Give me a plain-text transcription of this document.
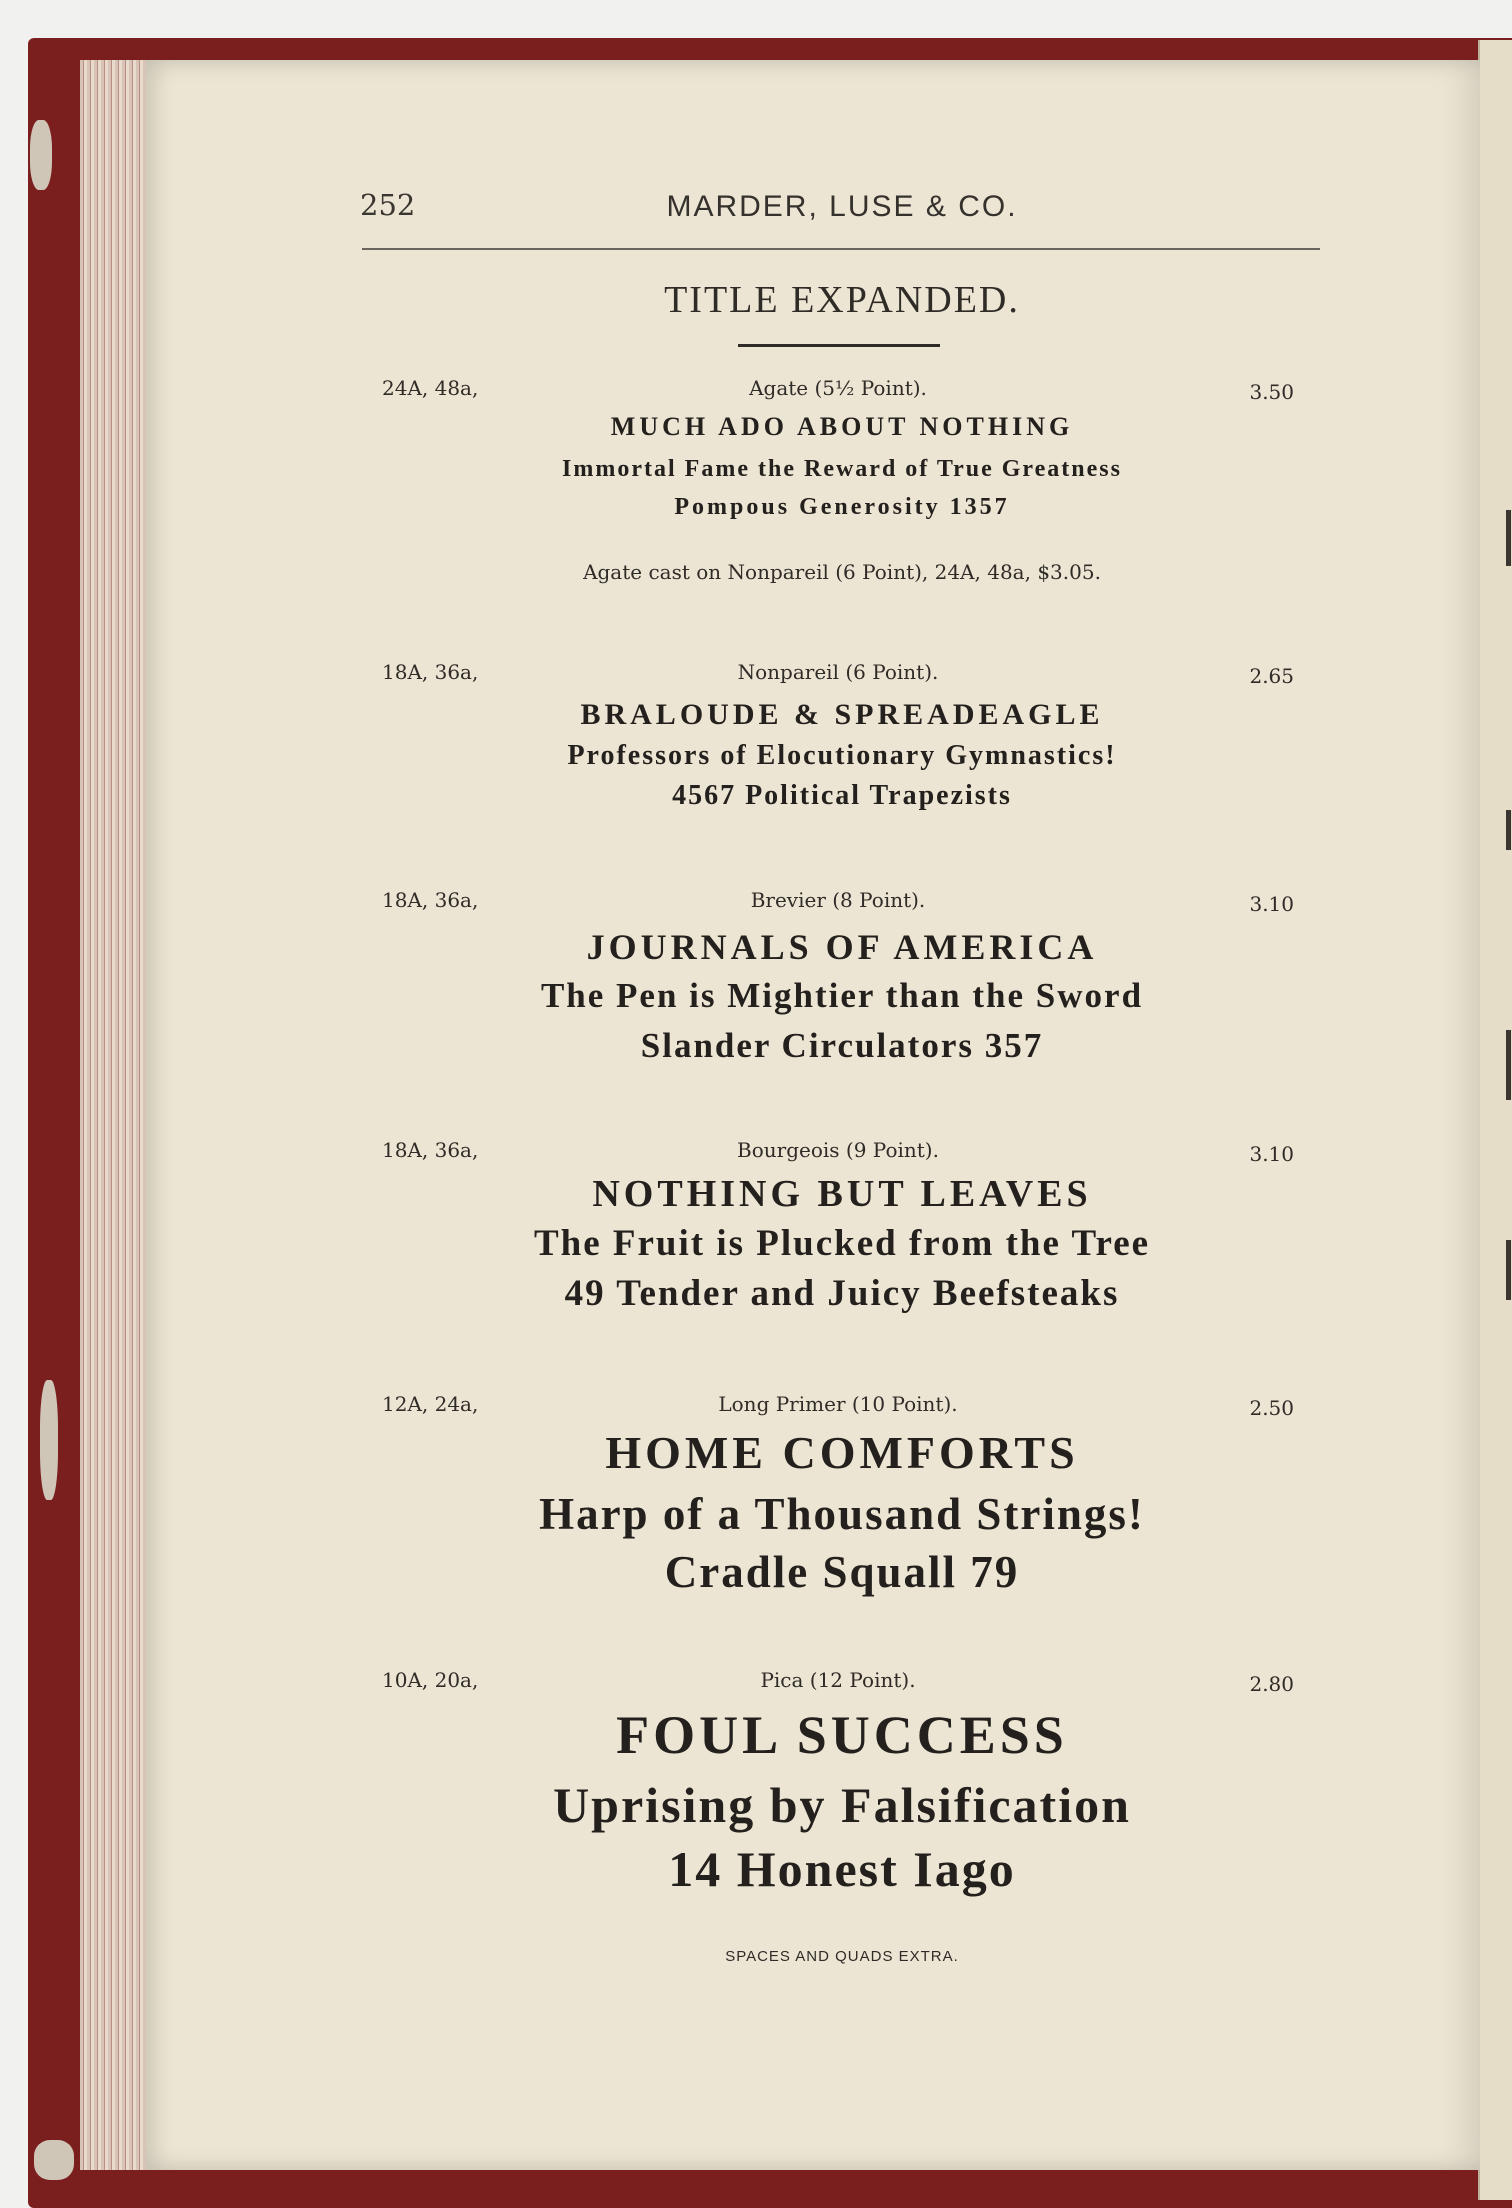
252	MARDER, LUSE & CO.
TITLE EXPANDED.
24A, 48a,	Agate (5½ Point).	3.50
MUCH ADO ABOUT NOTHING
Immortal Fame the Reward of True Greatness
Pompous Generosity 1357
Agate cast on Nonpareil (6 Point), 24A, 48a, $3.05.
18A, 36a,	Nonpareil (6 Point).	2.65
BRALOUDE & SPREADEAGLE
Professors of Elocutionary Gymnastics!
4567 Political Trapezists
18A, 36a,	Brevier (8 Point).	3.10
JOURNALS OF AMERICA
The Pen is Mightier than the Sword
Slander Circulators 357
18A, 36a,	Bourgeois (9 Point).	3.10
NOTHING BUT LEAVES
The Fruit is Plucked from the Tree
49 Tender and Juicy Beefsteaks
12A, 24a,	Long Primer (10 Point).	2.50
HOME COMFORTS
Harp of a Thousand Strings!
Cradle Squall 79
10A, 20a,	Pica (12 Point).	2.80
FOUL SUCCESS
Uprising by Falsification
14 Honest Iago
SPACES AND QUADS EXTRA.
